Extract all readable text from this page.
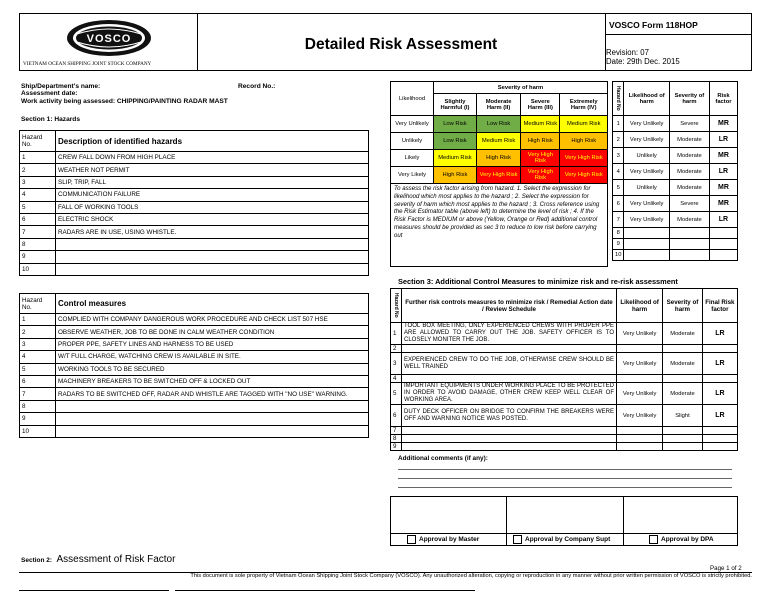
VOSCO
VIETNAM OCEAN SHIPPING JOINT STOCK COMPANY
Detailed Risk Assessment
VOSCO Form 118HOP
Revision: 07
Date: 29th Dec. 2015
Ship/Department's name:	Record No.:
Assessment date:
Work activity being assessed: CHIPPING/PAINTING RADAR MAST
Section 1: Hazards
Hazard No.	Description of identified hazards
1	CREW FALL DOWN FROM HIGH PLACE
2	WEATHER NOT PERMIT
3	SLIP, TRIP, FALL
4	COMMUNICATION FAILURE
5	FALL OF WORKING TOOLS
6	ELECTRIC SHOCK
7	RADARS ARE IN USE, USING WHISTLE.
8	
9	
10	
Hazard No.	Control measures
1	COMPLIED WITH COMPANY DANGEROUS WORK PROCEDURE AND CHECK LIST 507 HSE
2	OBSERVE WEATHER, JOB TO BE DONE IN CALM WEATHER CONDITION
3	PROPER PPE, SAFETY LINES AND HARNESS TO BE USED
4	W/T FULL CHARGE, WATCHING CREW IS AVAILABLE IN SITE.
5	WORKING TOOLS TO BE SECURED
6	MACHINERY BREAKERS TO BE SWITCHED OFF & LOCKED OUT
7	RADARS TO BE SWITCHED OFF, RADAR AND WHISTLE ARE TAGGED WITH "NO USE" WARNING.
8	
9	
10	
Section 2: Assessment of Risk Factor
Likelihood	Severity of harm			
	Slightly Harmful (I)	Moderate Harm (II)	Severe Harm (III)	Extremely Harm (IV)
Very Unlikely	Low Risk	Low Risk	Medium Risk	Medium Risk
Unlikely	Low Risk	Medium Risk	High Risk	High Risk
Likely	Medium Risk	High Risk	Very High Risk	Very High Risk
Very Likely	High Risk	Very High Risk	Very High Risk	Very High Risk
To assess the risk factor arising from hazard. 1. Select the expression for likelihood which most applies to the hazard ; 2. Select the expression for severity of harm which most applies to the hazard ; 3. Cross reference using the Risk Estimator table (above left) to determine the level of risk ; 4. If the Risk Factor is MEDIUM or above (Yellow, Orange or Red) additional control measures should be provided as sec 3 to reduce to low risk before carrying out
Hazard No	Likelihood of harm	Severity of harm	Risk factor
1	Very Unlikely	Severe	MR
2	Very Unlikely	Moderate	LR
3	Unlikely	Moderate	MR
4	Very Unlikely	Moderate	LR
5	Unlikely	Moderate	MR
6	Very Unlikely	Severe	MR
7	Very Unlikely	Moderate	LR
8			
9			
10			
Section 3: Additional Control Measures to minimize risk and re-risk assessment
Hazard No	Further risk controls measures to minimize risk / Remedial Action date / Review Schedule	Likelihood of harm	Severity of harm	Final Risk factor
1	TOOL BOX MEETING, ONLY EXPERIENCED CREWS WITH PROPER PPE ARE ALLOWED TO CARRY OUT THE JOB. SAFETY OFFICER IS TO CLOSELY MONITER THE JOB.	Very Unlikely	Moderate	LR
2				
3	EXPERIENCED CREW TO DO THE JOB, OTHERWISE CREW SHOULD BE WELL TRAINED	Very Unlikely	Moderate	LR
4				
5	IMPORTANT EQUIPMENTS UNDER WORKING PLACE TO BE PROTECTED IN ORDER TO AVOID DAMAGE, OTHER CREW KEEP WELL CLEAR OF WORKING AREA.	Very Unlikely	Moderate	LR
6	DUTY DECK OFFICER ON BRIDGE TO CONFIRM THE BREAKERS WERE OFF AND WARNING NOTICE WAS POSTED.	Very Unlikely	Slight	LR
7				
8				
9				
Additional comments (if any):
Approval by Master	Approval by Company Supt	Approval by DPA
Page 1 of 2
This document is sole property of Vietnam Ocean Shipping Joint Stock Company (VOSCO). Any unauthorized alteration, copying or reproduction in any manner without prior written permission of VOSCO is strictly prohibited.
